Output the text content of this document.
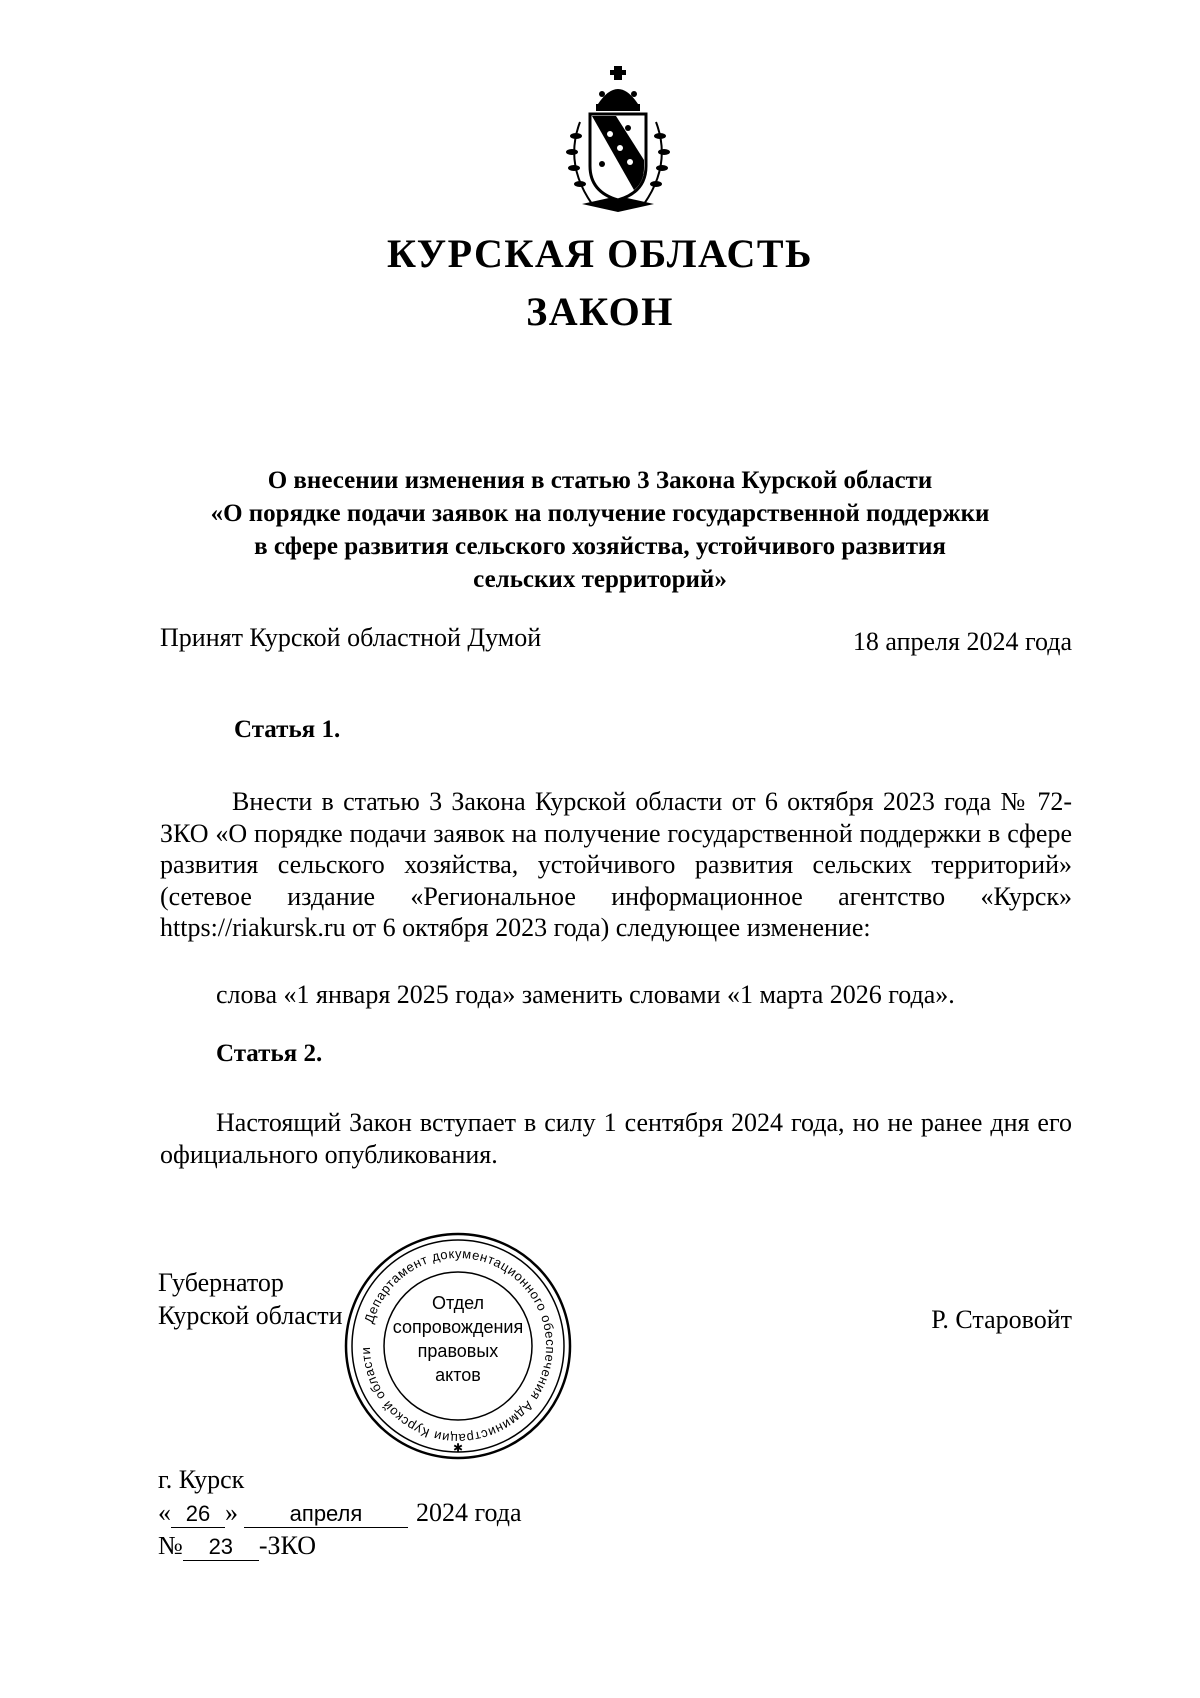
КУРСКАЯ ОБЛАСТЬ
ЗАКОН

О внесении изменения в статью 3 Закона Курской области
«О порядке подачи заявок на получение государственной поддержки
в сфере развития сельского хозяйства, устойчивого развития
сельских территорий»

Принят Курской областной Думой	18 апреля 2024 года

Статья 1.

Внести в статью 3 Закона Курской области от 6 октября 2023 года № 72-ЗКО «О порядке подачи заявок на получение государственной поддержки в сфере развития сельского хозяйства, устойчивого развития сельских территорий» (сетевое издание «Региональное информационное агентство «Курск» https://riakursk.ru от 6 октября 2023 года) следующее изменение:

слова «1 января 2025 года» заменить словами «1 марта 2026 года».

Статья 2.

Настоящий Закон вступает в силу 1 сентября 2024 года, но не ранее дня его официального опубликования.

Губернатор
Курской области	Р. Старовойт

Департамент документационного обеспечения Администрации Курской области
✱

Отдел
сопровождения
правовых
актов

г. Курск
« 26 » апреля 2024 года
№ 23 -ЗКО
